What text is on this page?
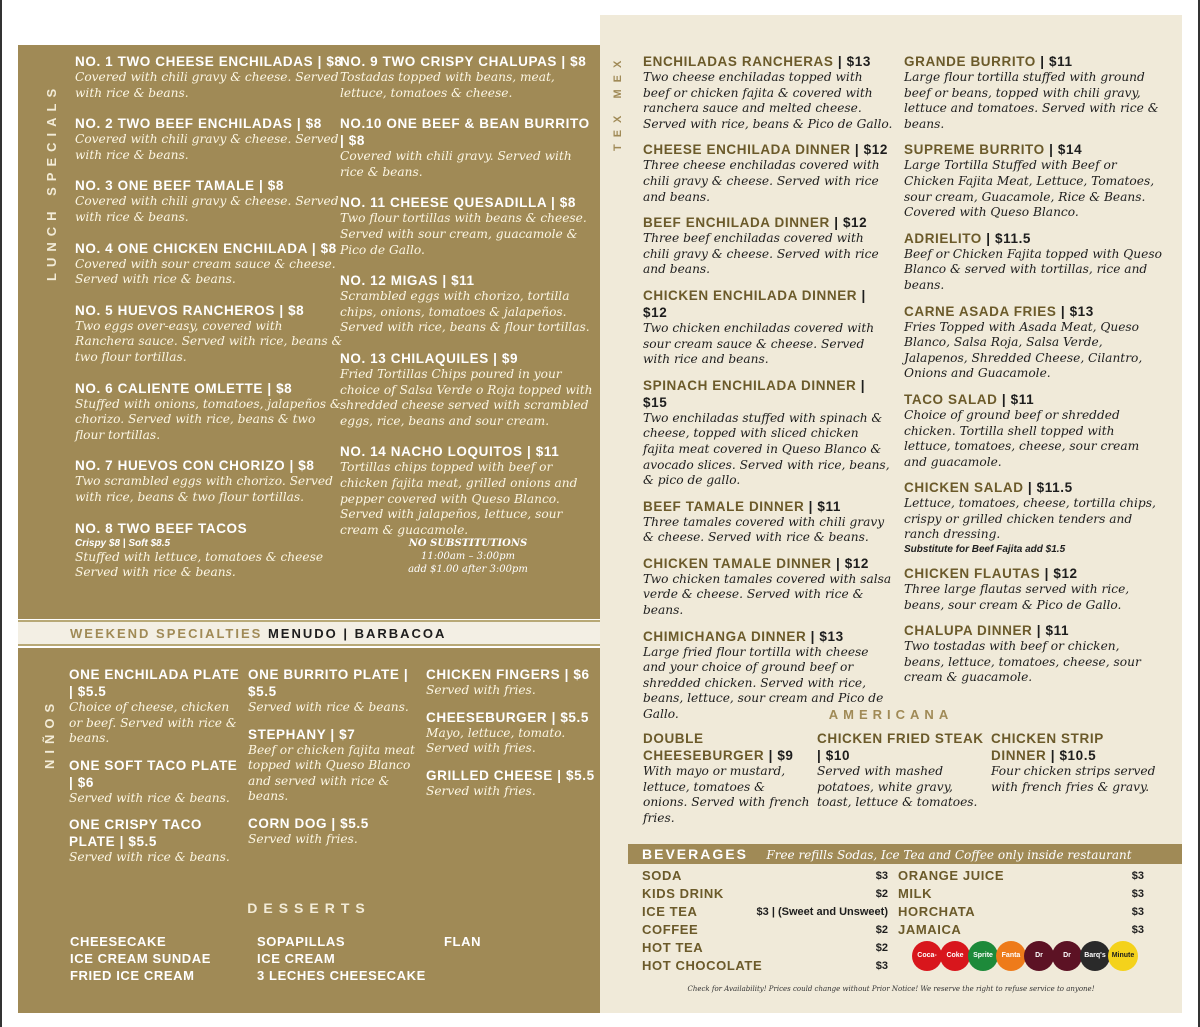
LUNCH SPECIALS
NO. 1 TWO CHEESE ENCHILADAS | $8
Covered with chili gravy & cheese. Served with rice & beans.
NO. 2 TWO BEEF ENCHILADAS | $8
Covered with chili gravy & cheese. Served with rice & beans.
NO. 3 ONE BEEF TAMALE | $8
Covered with chili gravy & cheese. Served with rice & beans.
NO. 4 ONE CHICKEN ENCHILADA | $8
Covered with sour cream sauce & cheese. Served with rice & beans.
NO. 5 HUEVOS RANCHEROS | $8
Two eggs over-easy, covered with Ranchera sauce. Served with rice, beans & two flour tortillas.
NO. 6 CALIENTE OMLETTE | $8
Stuffed with onions, tomatoes, jalapeños & chorizo. Served with rice, beans & two flour tortillas.
NO. 7 HUEVOS CON CHORIZO | $8
Two scrambled eggs with chorizo. Served with rice, beans & two flour tortillas.
NO. 8 TWO BEEF TACOS
Crispy $8 | Soft $8.5
Stuffed with lettuce, tomatoes & cheese Served with rice & beans.
NO. 9 TWO CRISPY CHALUPAS | $8
Tostadas topped with beans, meat, lettuce, tomatoes & cheese.
NO.10 ONE BEEF & BEAN BURRITO | $8
Covered with chili gravy. Served with rice & beans.
NO. 11 CHEESE QUESADILLA | $8
Two flour tortillas with beans & cheese. Served with sour cream, guacamole & Pico de Gallo.
NO. 12 MIGAS | $11
Scrambled eggs with chorizo, tortilla chips, onions, tomatoes & jalapeños. Served with rice, beans & flour tortillas.
NO. 13 CHILAQUILES | $9
Fried Tortillas Chips poured in your choice of Salsa Verde o Roja topped with shredded cheese served with scrambled eggs, rice, beans and sour cream.
NO. 14 NACHO LOQUITOS | $11
Tortillas chips topped with beef or chicken fajita meat, grilled onions and pepper covered with Queso Blanco. Served with jalapeños, lettuce, sour cream & guacamole.
NO SUBSTITUTIONS
11:00am – 3:00pm
add $1.00 after 3:00pm
WEEKEND SPECIALTIES MENUDO | BARBACOA
NIÑOS
ONE ENCHILADA PLATE | $5.5
Choice of cheese, chicken or beef. Served with rice & beans.
ONE SOFT TACO PLATE | $6
Served with rice & beans.
ONE CRISPY TACO PLATE | $5.5
Served with rice & beans.
ONE BURRITO PLATE | $5.5
Served with rice & beans.
STEPHANY | $7
Beef or chicken fajita meat topped with Queso Blanco and served with rice & beans.
CORN DOG | $5.5
Served with fries.
CHICKEN FINGERS | $6
Served with fries.
CHEESEBURGER | $5.5
Mayo, lettuce, tomato. Served with fries.
GRILLED CHEESE | $5.5
Served with fries.
DESSERTS
CHEESECAKE
ICE CREAM SUNDAE
FRIED ICE CREAM
SOPAPILLAS
ICE CREAM
3 LECHES CHEESECAKE
FLAN
TEX MEX ENCHILADAS RANCHERAS | $13
Two cheese enchiladas topped with beef or chicken fajita & covered with ranchera sauce and melted cheese. Served with rice, beans & Pico de Gallo.
CHEESE ENCHILADA DINNER | $12
Three cheese enchiladas covered with chili gravy & cheese. Served with rice and beans.
BEEF ENCHILADA DINNER | $12
Three beef enchiladas covered with chili gravy & cheese. Served with rice and beans.
CHICKEN ENCHILADA DINNER | $12
Two chicken enchiladas covered with sour cream sauce & cheese. Served with rice and beans.
SPINACH ENCHILADA DINNER | $15
Two enchiladas stuffed with spinach & cheese, topped with sliced chicken fajita meat covered in Queso Blanco & avocado slices. Served with rice, beans, & pico de gallo.
BEEF TAMALE DINNER | $11
Three tamales covered with chili gravy & cheese. Served with rice & beans.
CHICKEN TAMALE DINNER | $12
Two chicken tamales covered with salsa verde & cheese. Served with rice & beans.
CHIMICHANGA DINNER | $13
Large fried flour tortilla with cheese and your choice of ground beef or shredded chicken. Served with rice, beans, lettuce, sour cream and Pico de Gallo.
GRANDE BURRITO | $11
Large flour tortilla stuffed with ground beef or beans, topped with chili gravy, lettuce and tomatoes. Served with rice & beans.
SUPREME BURRITO | $14
Large Tortilla Stuffed with Beef or Chicken Fajita Meat, Lettuce, Tomatoes, sour cream, Guacamole, Rice & Beans. Covered with Queso Blanco.
ADRIELITO | $11.5
Beef or Chicken Fajita topped with Queso Blanco & served with tortillas, rice and beans.
CARNE ASADA FRIES | $13
Fries Topped with Asada Meat, Queso Blanco, Salsa Roja, Salsa Verde, Jalapenos, Shredded Cheese, Cilantro, Onions and Guacamole.
TACO SALAD | $11
Choice of ground beef or shredded chicken. Tortilla shell topped with lettuce, tomatoes, cheese, sour cream and guacamole.
CHICKEN SALAD | $11.5
Lettuce, tomatoes, cheese, tortilla chips, crispy or grilled chicken tenders and ranch dressing.
Substitute for Beef Fajita add $1.5
CHICKEN FLAUTAS | $12
Three large flautas served with rice, beans, sour cream & Pico de Gallo.
CHALUPA DINNER | $11
Two tostadas with beef or chicken, beans, lettuce, tomatoes, cheese, sour cream & guacamole.
AMERICANA
DOUBLE CHEESEBURGER | $9
With mayo or mustard, lettuce, tomatoes & onions. Served with french fries.
CHICKEN FRIED STEAK | $10
Served with mashed potatoes, white gravy, toast, lettuce & tomatoes.
CHICKEN STRIP DINNER | $10.5
Four chicken strips served with french fries & gravy.
BEVERAGES Free refills Sodas, Ice Tea and Coffee only inside restaurant
SODA	$3
KIDS DRINK	$2
ICE TEA	$3 | (Sweet and Unsweet)
COFFEE	$2
HOT TEA	$2
HOT CHOCOLATE	$3
ORANGE JUICE	$3
MILK	$3
HORCHATA	$3
JAMAICA	$3
Coca-	Coke	Sprite	Fanta	Dr	Dr	Barq's Minute
Check for Availability! Prices could change without Prior Notice! We reserve the right to refuse service to anyone!
